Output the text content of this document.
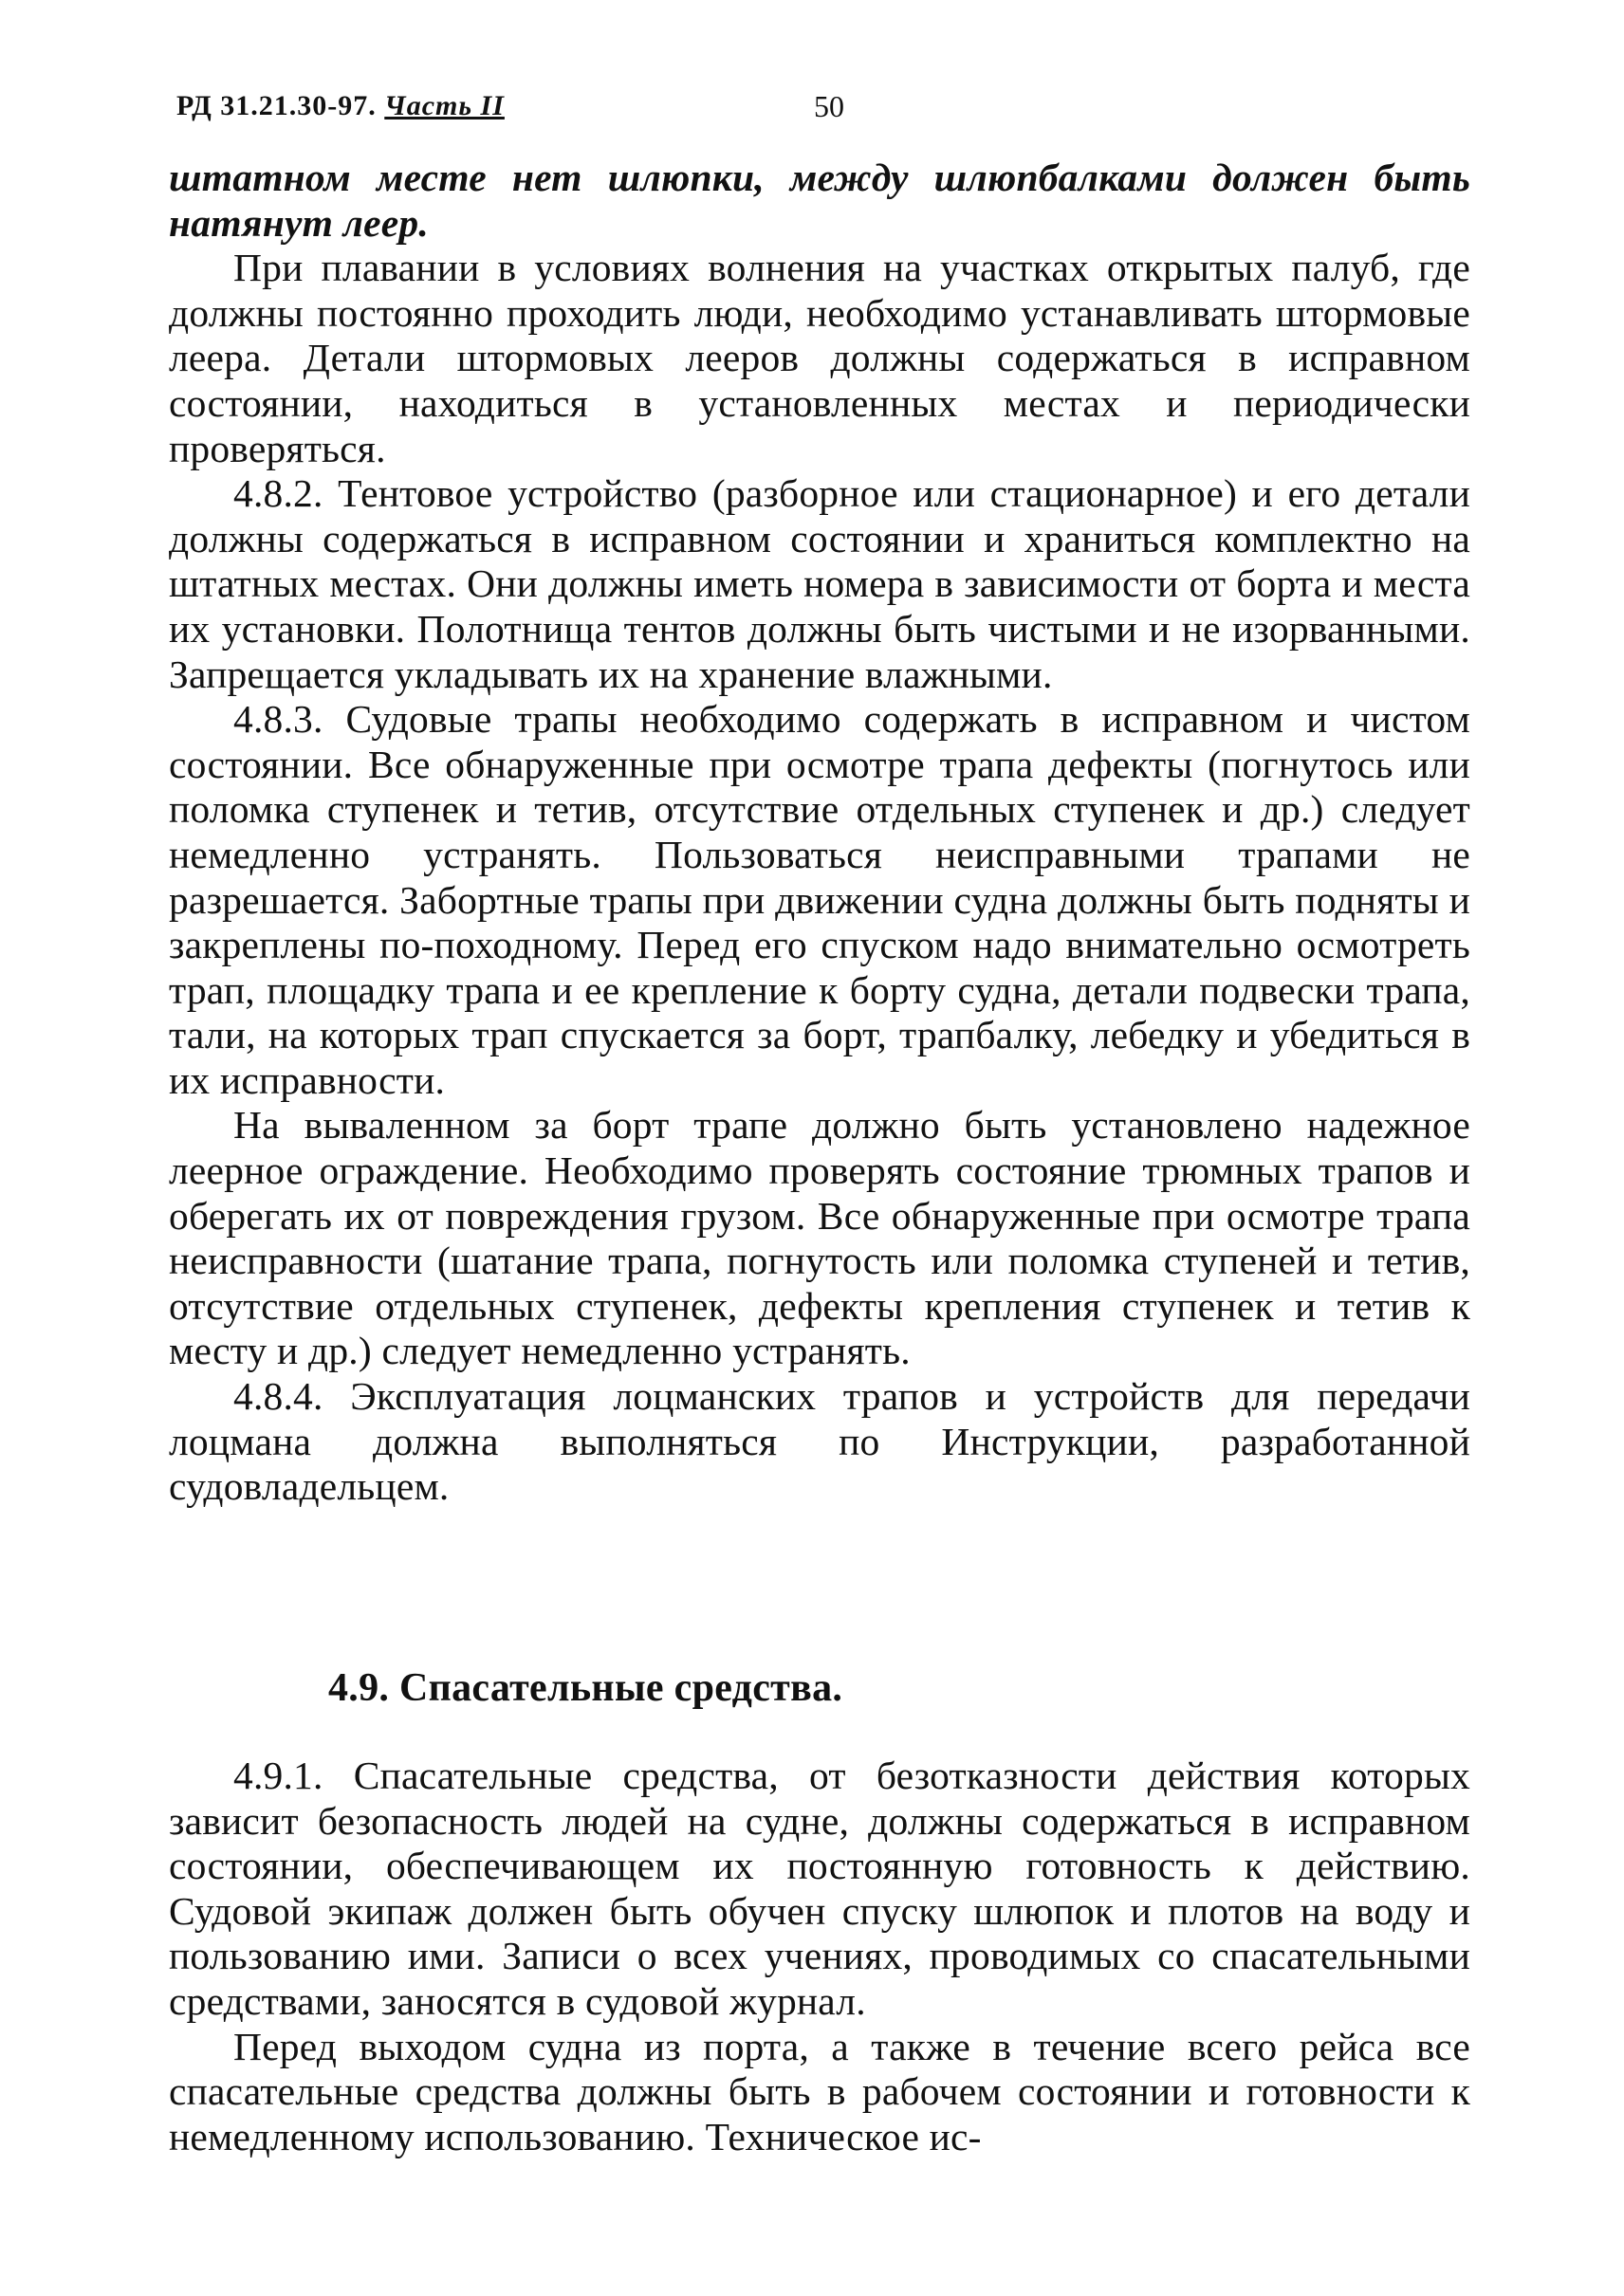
РД 31.21.30-97. Часть II	50

штатном месте нет шлюпки, между шлюпбалками должен быть натянут леер.

При плавании в условиях волнения на участках открытых палуб, где должны постоянно проходить люди, необходимо устанавливать штормовые леера. Детали штормовых лееров должны содержаться в исправном состоянии, находиться в установленных местах и периодически проверяться.

4.8.2. Тентовое устройство (разборное или стационарное) и его детали должны содержаться в исправном состоянии и храниться комплектно на штатных местах. Они должны иметь номера в зависимости от борта и места их установки. Полотнища тентов должны быть чистыми и не изорванными. Запрещается укладывать их на хранение влажными.

4.8.3. Судовые трапы необходимо содержать в исправном и чистом состоянии. Все обнаруженные при осмотре трапа дефекты (погнутось или поломка ступенек и тетив, отсутствие отдельных ступенек и др.) следует немедленно устранять. Пользоваться неисправными трапами не разрешается. Забортные трапы при движении судна должны быть подняты и закреплены по-походному. Перед его спуском надо внимательно осмотреть трап, площадку трапа и ее крепление к борту судна, детали подвески трапа, тали, на которых трап спускается за борт, трапбалку, лебедку и убедиться в их исправности.

На вываленном за борт трапе должно быть установлено надежное леерное ограждение. Необходимо проверять состояние трюмных трапов и оберегать их от повреждения грузом. Все обнаруженные при осмотре трапа неисправности (шатание трапа, погнутость или поломка ступеней и тетив, отсутствие отдельных ступенек, дефекты крепления ступенек и тетив к месту и др.) следует немедленно устранять.

4.8.4. Эксплуатация лоцманских трапов и устройств для передачи лоцмана должна выполняться по Инструкции, разработанной судовладельцем.

4.9. Спасательные средства.

4.9.1. Спасательные средства, от безотказности действия которых зависит безопасность людей на судне, должны содержаться в исправном состоянии, обеспечивающем их постоянную готовность к действию. Судовой экипаж должен быть обучен спуску шлюпок и плотов на воду и пользованию ими. Записи о всех учениях, проводимых со спасательными средствами, заносятся в судовой журнал.

Перед выходом судна из порта, а также в течение всего рейса все спасательные средства должны быть в рабочем состоянии и готовности к немедленному использованию. Техническое ис-
